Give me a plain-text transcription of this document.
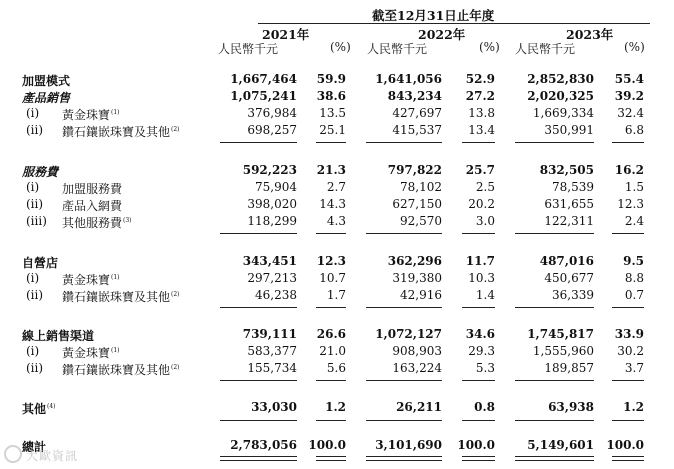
截至12月31日止年度
2021年	2022年	2023年
人民幣千元	(%) 人民幣千元	(%) 人民幣千元	(%)
加盟模式	1,667,464 59.9 1,641,056 52.9	2,852,830 55.4
產品銷售	1,075,241 38.6	843,234 27.2	2,020,325 39.2
(i) 黃金珠寶$^{(1)}$	376,984 13.5	427,697 13.8	1,669,334 32.4
(ii) 鑽石鑲嵌珠寶及其他$^{(2)}$	698,257 25.1	415,537 13.4	350,991	6.8
服務費	592,223 21.3	797,822 25.7	832,505 16.2
(i) 加盟服務費	75,904 2.7	78,102	2.5	78,539	1.5
(ii) 產品入網費	398,020 14.3	627,150 20.2	631,655 12.3
(iii) 其他服務費$^{(3)}$	118,299 4.3	92,570	3.0	122,311	2.4
自營店	343,451 12.3	362,296 11.7	487,016 9.5
(i) 黃金珠寶$^{(1)}$	297,213 10.7	319,380 10.3	450,677	8.8
(ii) 鑽石鑲嵌珠寶及其他$^{(2)}$	46,238 1.7	42,916	1.4	36,339	0.7
線上銷售渠道	739,111 26.6 1,072,127 34.6	1,745,817 33.9
(i) 黃金珠寶$^{(1)}$	583,377 21.0	908,903 29.3	1,555,960 30.2
(ii) 鑽石鑲嵌珠寶及其他$^{(2)}$	155,734 5.6	163,224	5.3	189,857	3.7
其他$^{(4)}$	33,030 1.2	26,211	0.8	63,938 1.2
總計	2,783,056 100.0 3,101,690 100.0	5,149,601 100.0
大歐資訊
